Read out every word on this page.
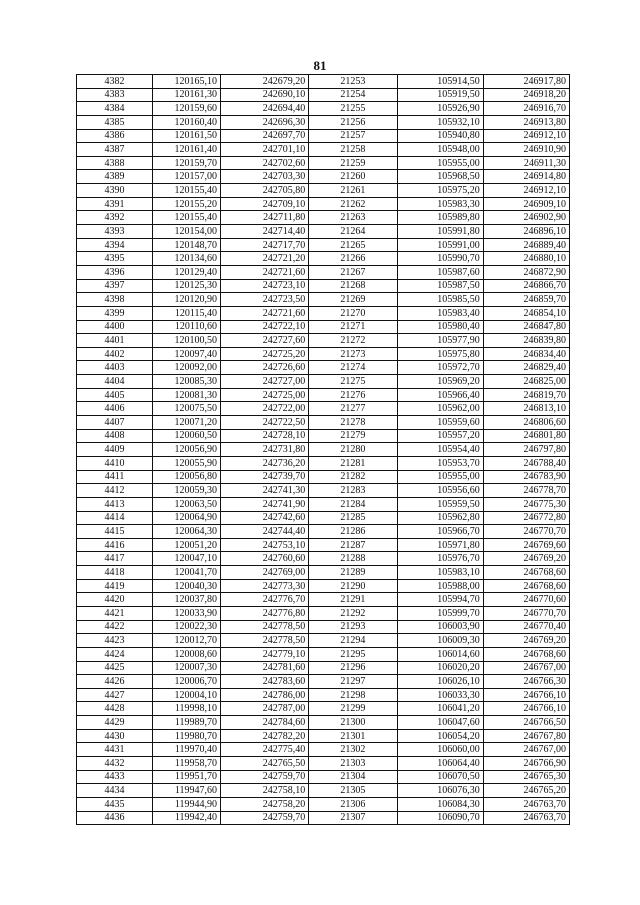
81
4382	120165,10	242679,20	21253	105914,50	246917,80
4383	120161,30	242690,10	21254	105919,50	246918,20
4384	120159,60	242694,40	21255	105926,90	246916,70
4385	120160,40	242696,30	21256	105932,10	246913,80
4386	120161,50	242697,70	21257	105940,80	246912,10
4387	120161,40	242701,10	21258	105948,00	246910,90
4388	120159,70	242702,60	21259	105955,00	246911,30
4389	120157,00	242703,30	21260	105968,50	246914,80
4390	120155,40	242705,80	21261	105975,20	246912,10
4391	120155,20	242709,10	21262	105983,30	246909,10
4392	120155,40	242711,80	21263	105989,80	246902,90
4393	120154,00	242714,40	21264	105991,80	246896,10
4394	120148,70	242717,70	21265	105991,00	246889,40
4395	120134,60	242721,20	21266	105990,70	246880,10
4396	120129,40	242721,60	21267	105987,60	246872,90
4397	120125,30	242723,10	21268	105987,50	246866,70
4398	120120,90	242723,50	21269	105985,50	246859,70
4399	120115,40	242721,60	21270	105983,40	246854,10
4400	120110,60	242722,10	21271	105980,40	246847,80
4401	120100,50	242727,60	21272	105977,90	246839,80
4402	120097,40	242725,20	21273	105975,80	246834,40
4403	120092,00	242726,60	21274	105972,70	246829,40
4404	120085,30	242727,00	21275	105969,20	246825,00
4405	120081,30	242725,00	21276	105966,40	246819,70
4406	120075,50	242722,00	21277	105962,00	246813,10
4407	120071,20	242722,50	21278	105959,60	246806,60
4408	120060,50	242728,10	21279	105957,20	246801,80
4409	120056,90	242731,80	21280	105954,40	246797,80
4410	120055,90	242736,20	21281	105953,70	246788,40
4411	120056,80	242739,70	21282	105955,00	246783,90
4412	120059,30	242741,30	21283	105956,60	246778,70
4413	120063,50	242741,90	21284	105959,50	246775,30
4414	120064,90	242742,60	21285	105962,80	246772,80
4415	120064,30	242744,40	21286	105966,70	246770,70
4416	120051,20	242753,10	21287	105971,80	246769,60
4417	120047,10	242760,60	21288	105976,70	246769,20
4418	120041,70	242769,00	21289	105983,10	246768,60
4419	120040,30	242773,30	21290	105988,00	246768,60
4420	120037,80	242776,70	21291	105994,70	246770,60
4421	120033,90	242776,80	21292	105999,70	246770,70
4422	120022,30	242778,50	21293	106003,90	246770,40
4423	120012,70	242778,50	21294	106009,30	246769,20
4424	120008,60	242779,10	21295	106014,60	246768,60
4425	120007,30	242781,60	21296	106020,20	246767,00
4426	120006,70	242783,60	21297	106026,10	246766,30
4427	120004,10	242786,00	21298	106033,30	246766,10
4428	119998,10	242787,00	21299	106041,20	246766,10
4429	119989,70	242784,60	21300	106047,60	246766,50
4430	119980,70	242782,20	21301	106054,20	246767,80
4431	119970,40	242775,40	21302	106060,00	246767,00
4432	119958,70	242765,50	21303	106064,40	246766,90
4433	119951,70	242759,70	21304	106070,50	246765,30
4434	119947,60	242758,10	21305	106076,30	246765,20
4435	119944,90	242758,20	21306	106084,30	246763,70
4436	119942,40	242759,70	21307	106090,70	246763,70
